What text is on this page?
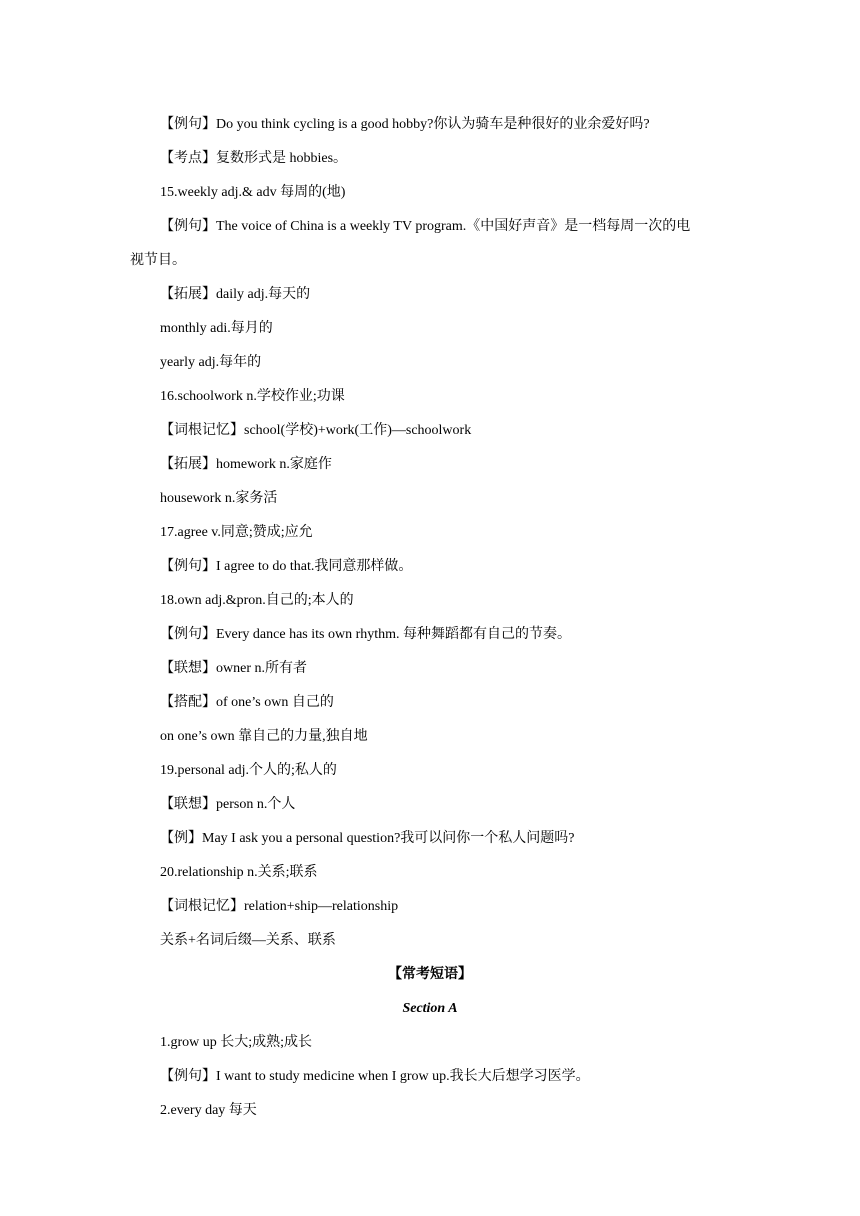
【例句】Do you think cycling is a good hobby?你认为骑车是种很好的业余爱好吗?
【考点】复数形式是 hobbies。
15.weekly adj.& adv 每周的(地)
【例句】The voice of China is a weekly TV program.《中国好声音》是一档每周一次的电
视节目。
【拓展】daily adj.每天的
monthly adi.每月的
yearly adj.每年的
16.schoolwork n.学校作业;功课
【词根记忆】school(学校)+work(工作)—schoolwork
【拓展】homework n.家庭作
housework n.家务活
17.agree v.同意;赞成;应允
【例句】I agree to do that.我同意那样做。
18.own adj.&pron.自己的;本人的
【例句】Every dance has its own rhythm. 每种舞蹈都有自己的节奏。
【联想】owner n.所有者
【搭配】of one’s own 自己的
on one’s own 靠自己的力量,独自地
19.personal adj.个人的;私人的
【联想】person n.个人
【例】May I ask you a personal question?我可以问你一个私人问题吗?
20.relationship n.关系;联系
【词根记忆】relation+ship—relationship
关系+名词后缀—关系、联系
【常考短语】
Section A
1.grow up 长大;成熟;成长
【例句】I want to study medicine when I grow up.我长大后想学习医学。
2.every day 每天
